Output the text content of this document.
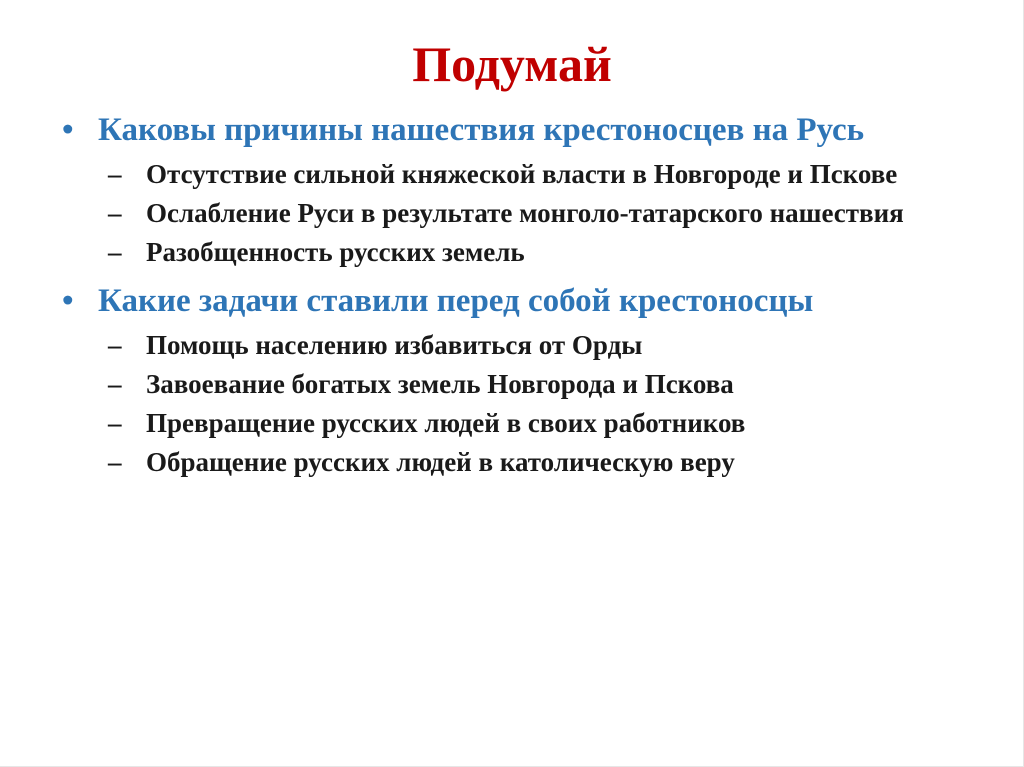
Подумай
• Каковы причины нашествия крестоносцев на Русь
– Отсутствие сильной княжеской власти в Новгороде и Пскове
– Ослабление Руси в результате монголо-татарского нашествия
– Разобщенность русских земель
• Какие задачи ставили перед собой крестоносцы
– Помощь населению избавиться от Орды
– Завоевание богатых земель Новгорода и Пскова
– Превращение русских людей в своих работников
– Обращение русских людей в католическую веру
